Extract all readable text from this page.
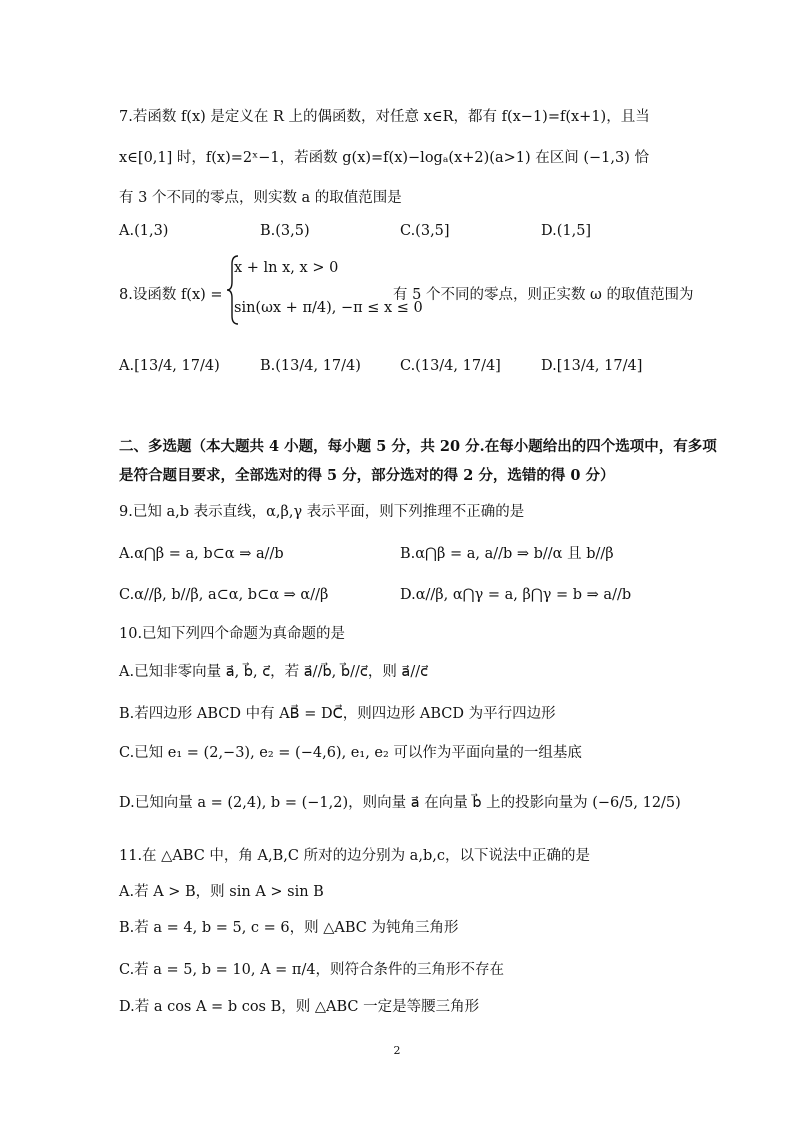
7.若函数 f(x) 是定义在 R 上的偶函数，对任意 x∈R，都有 f(x−1)=f(x+1)，且当
x∈[0,1] 时，f(x)=2ˣ−1，若函数 g(x)=f(x)−logₐ(x+2)(a>1) 在区间 (−1,3) 恰
有 3 个不同的零点，则实数 a 的取值范围是
A.(1,3)	B.(3,5)	C.(3,5]	D.(1,5]
8.设函数 f(x) =
x + ln x, x > 0
sin(ωx + π/4), −π ≤ x ≤ 0
有 5 个不同的零点，则正实数 ω 的取值范围为
A.[13/4, 17/4)	B.(13/4, 17/4)	C.(13/4, 17/4]	D.[13/4, 17/4]
二、多选题（本大题共 4 小题，每小题 5 分，共 20 分.在每小题给出的四个选项中，有多项
是符合题目要求，全部选对的得 5 分，部分选对的得 2 分，选错的得 0 分）
9.已知 a,b 表示直线，α,β,γ 表示平面，则下列推理不正确的是
A.α⋂β = a, b⊂α ⇒ a//b	B.α⋂β = a, a//b ⇒ b//α 且 b//β
C.α//β, b//β, a⊂α, b⊂α ⇒ α//β	D.α//β, α⋂γ = a, β⋂γ = b ⇒ a//b
10.已知下列四个命题为真命题的是
A.已知非零向量 a⃗, b⃗, c⃗，若 a⃗//b⃗, b⃗//c⃗，则 a⃗//c⃗
B.若四边形 ABCD 中有 AB⃗ = DC⃗，则四边形 ABCD 为平行四边形
C.已知 e₁ = (2,−3), e₂ = (−4,6), e₁, e₂ 可以作为平面向量的一组基底
D.已知向量 a = (2,4), b = (−1,2)，则向量 a⃗ 在向量 b⃗ 上的投影向量为 (−6/5, 12/5)
11.在 △ABC 中，角 A,B,C 所对的边分别为 a,b,c，以下说法中正确的是
A.若 A > B，则 sin A > sin B
B.若 a = 4, b = 5, c = 6，则 △ABC 为钝角三角形
C.若 a = 5, b = 10, A = π/4，则符合条件的三角形不存在
D.若 a cos A = b cos B，则 △ABC 一定是等腰三角形
2
